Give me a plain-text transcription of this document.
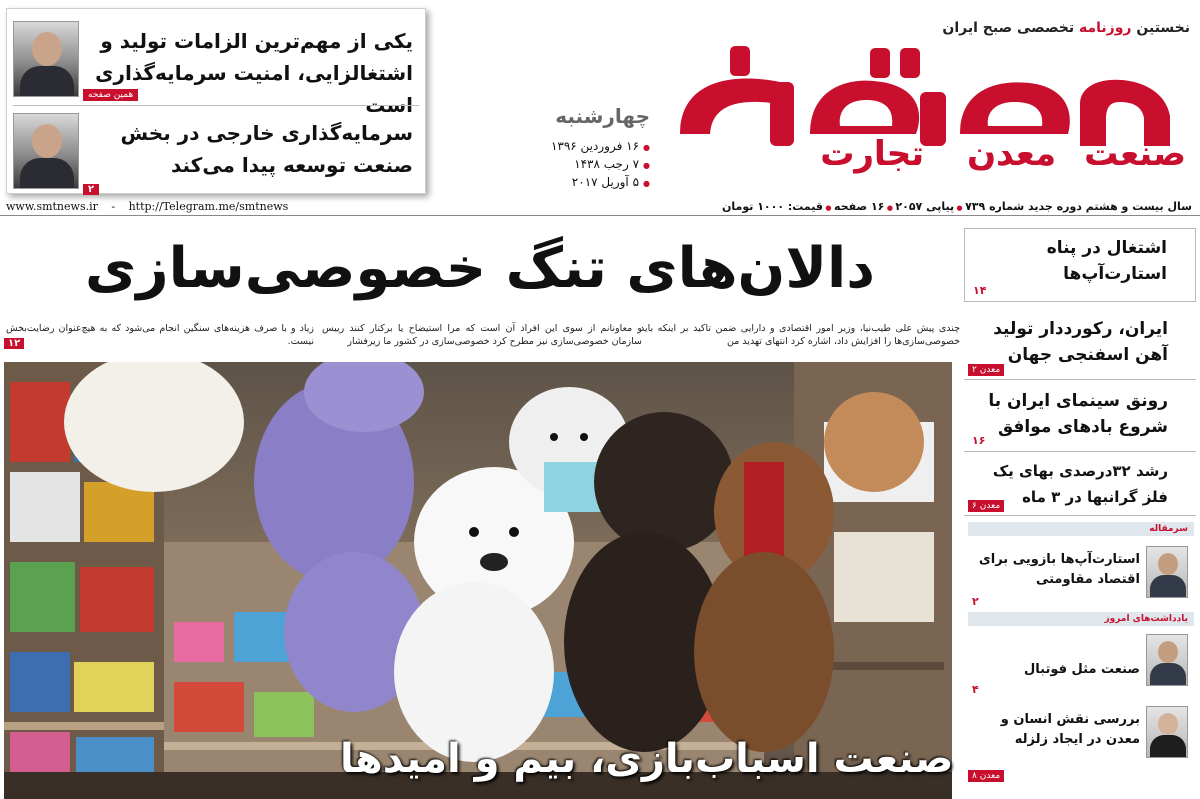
یکی از مهم‌ترین الزامات تولید و اشتغالزایی، امنیت سرمایه‌گذاری است
همین صفحه
سرمایه‌گذاری خارجی در بخش صنعت توسعه پیدا می‌کند
۲
چهارشنبه
● ۱۶ فروردین ۱۳۹۶
● ۷ رجب ۱۴۳۸
● ۵ آوریل ۲۰۱۷
نخستین روزنامه تخصصی صبح ایران
صنعت
معدن
تجارت
www.smtnews.ir - http://Telegram.me/smtnews	سال بیست و هشتم دوره جدید شماره ۷۳۹ ● پیاپی ۲۰۵۷ ● ۱۶ صفحه ● قیمت: ۱۰۰۰ تومان
دالان‌های تنگ خصوصی‌سازی
چندی پیش علی طیب‌نیا، وزیر امور اقتصادی و دارایی ضمن تاکید بر اینکه باید خصوصی‌سازی‌ها را افزایش داد، اشاره کرد انتهای تهدید من
و معاونانم از سوی این افراد آن است که مرا استیضاح یا برکنار کنند رییس سازمان خصوصی‌سازی نیز مطرح کرد خصوصی‌سازی در کشور ما زیرفشار
زیاد و با صرف هزینه‌های سنگین انجام می‌شود که به هیچ‌عنوان رضایت‌بخش نیست.
۱۲
صنعت اسباب‌بازی، بیم و امیدها
اشتغال در پناه استارت‌آپ‌ها
۱۴
ایران، رکورددار تولید آهن اسفنجی جهان
معدن ۲
رونق سینمای ایران با شروع بادهای موافق
۱۶
رشد ۳۲درصدی بهای یک فلز گرانبها در ۳ ماه
معدن ۶
سرمقاله
استارت‌آپ‌ها بازویی برای اقتصاد مقاومتی
۲
یادداشت‌های امروز
صنعت مثل فوتبال
۴
بررسی نقش انسان و معدن در ایجاد زلزله
معدن ۸
